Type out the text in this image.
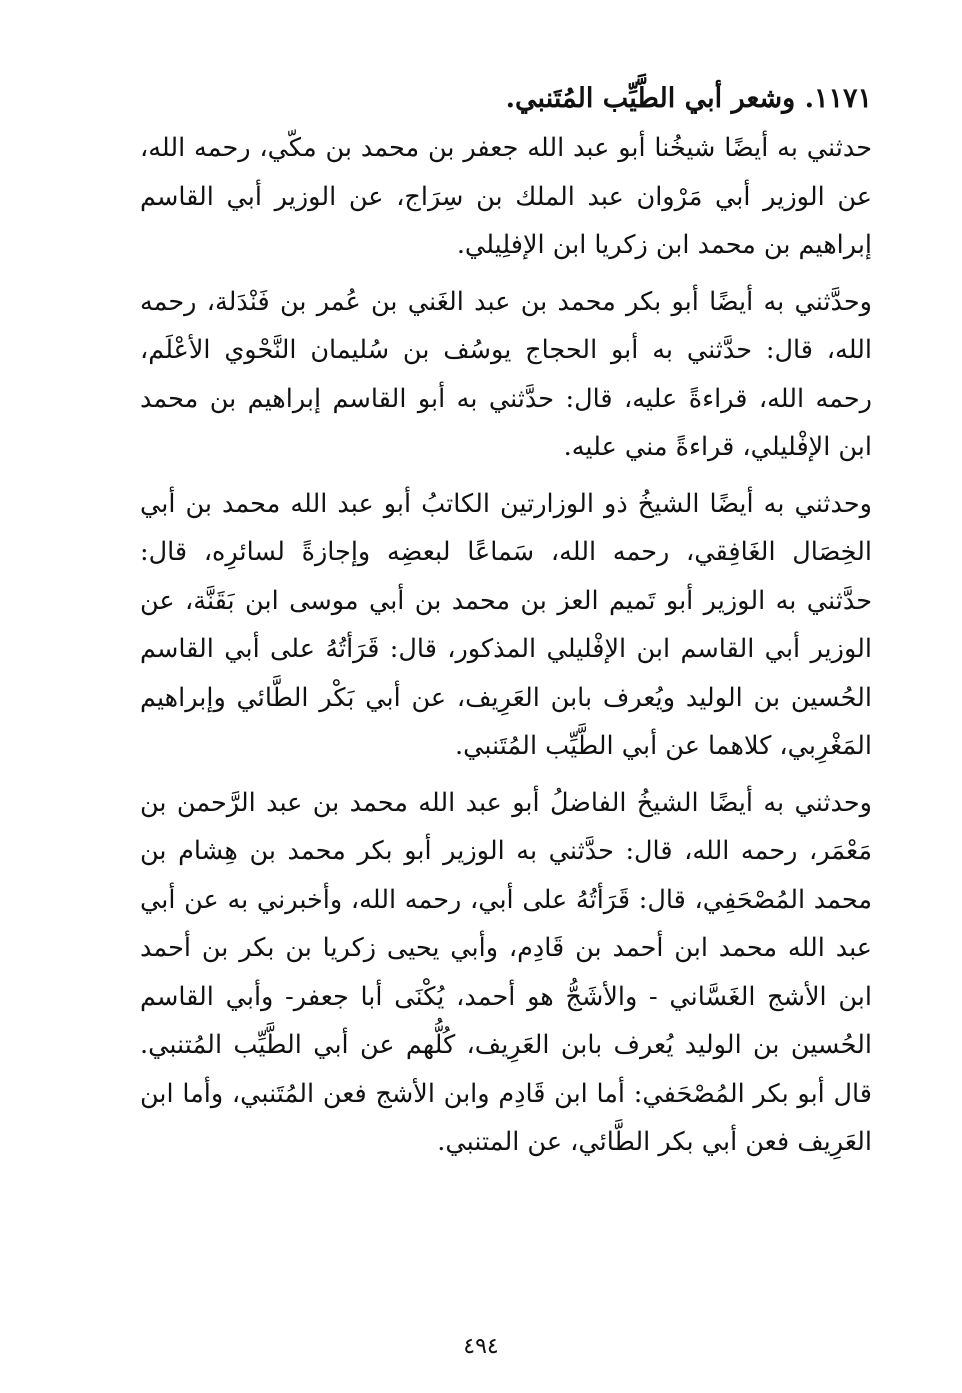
١١٧١. وشعر أبي الطَّيِّب المُتَنبي.

حدثني به أيضًا شيخُنا أبو عبد الله جعفر بن محمد بن مكّي، رحمه الله، عن الوزير أبي مَرْوان عبد الملك بن سِرَاج، عن الوزير أبي القاسم إبراهيم بن محمد ابن زكريا ابن الإفلِيلي.

وحدَّثني به أيضًا أبو بكر محمد بن عبد الغَني بن عُمر بن فَنْدَلة، رحمه الله، قال: حدَّثني به أبو الحجاج يوسُف بن سُليمان النَّحْوي الأعْلَم، رحمه الله، قراءةً عليه، قال: حدَّثني به أبو القاسم إبراهيم بن محمد ابن الإفْليلي، قراءةً مني عليه.

وحدثني به أيضًا الشيخُ ذو الوزارتين الكاتبُ أبو عبد الله محمد بن أبي الخِصَال الغَافِقي، رحمه الله، سَماعًا لبعضِه وإجازةً لسائرِه، قال: حدَّثني به الوزير أبو تَميم العز بن محمد بن أبي موسى ابن بَقَنَّة، عن الوزير أبي القاسم ابن الإفْليلي المذكور، قال: قَرَأتُهُ على أبي القاسم الحُسين بن الوليد ويُعرف بابن العَرِيف، عن أبي بَكْر الطَّائي وإبراهيم المَغْرِبي، كلاهما عن أبي الطَّيِّب المُتَنبي.

وحدثني به أيضًا الشيخُ الفاضلُ أبو عبد الله محمد بن عبد الرَّحمن بن مَعْمَر، رحمه الله، قال: حدَّثني به الوزير أبو بكر محمد بن هِشام بن محمد المُصْحَفِي، قال: قَرَأتُهُ على أبي، رحمه الله، وأخبرني به عن أبي عبد الله محمد ابن أحمد بن قَادِم، وأبي يحيى زكريا بن بكر بن أحمد ابن الأشج الغَسَّاني - والأشَجُّ هو أحمد، يُكْنَى أبا جعفر- وأبي القاسم الحُسين بن الوليد يُعرف بابن العَرِيف، كُلُّهم عن أبي الطَّيِّب المُتنبي. قال أبو بكر المُصْحَفي: أما ابن قَادِم وابن الأشج فعن المُتَنبي، وأما ابن العَرِيف فعن أبي بكر الطَّائي، عن المتنبي.

٤٩٤
